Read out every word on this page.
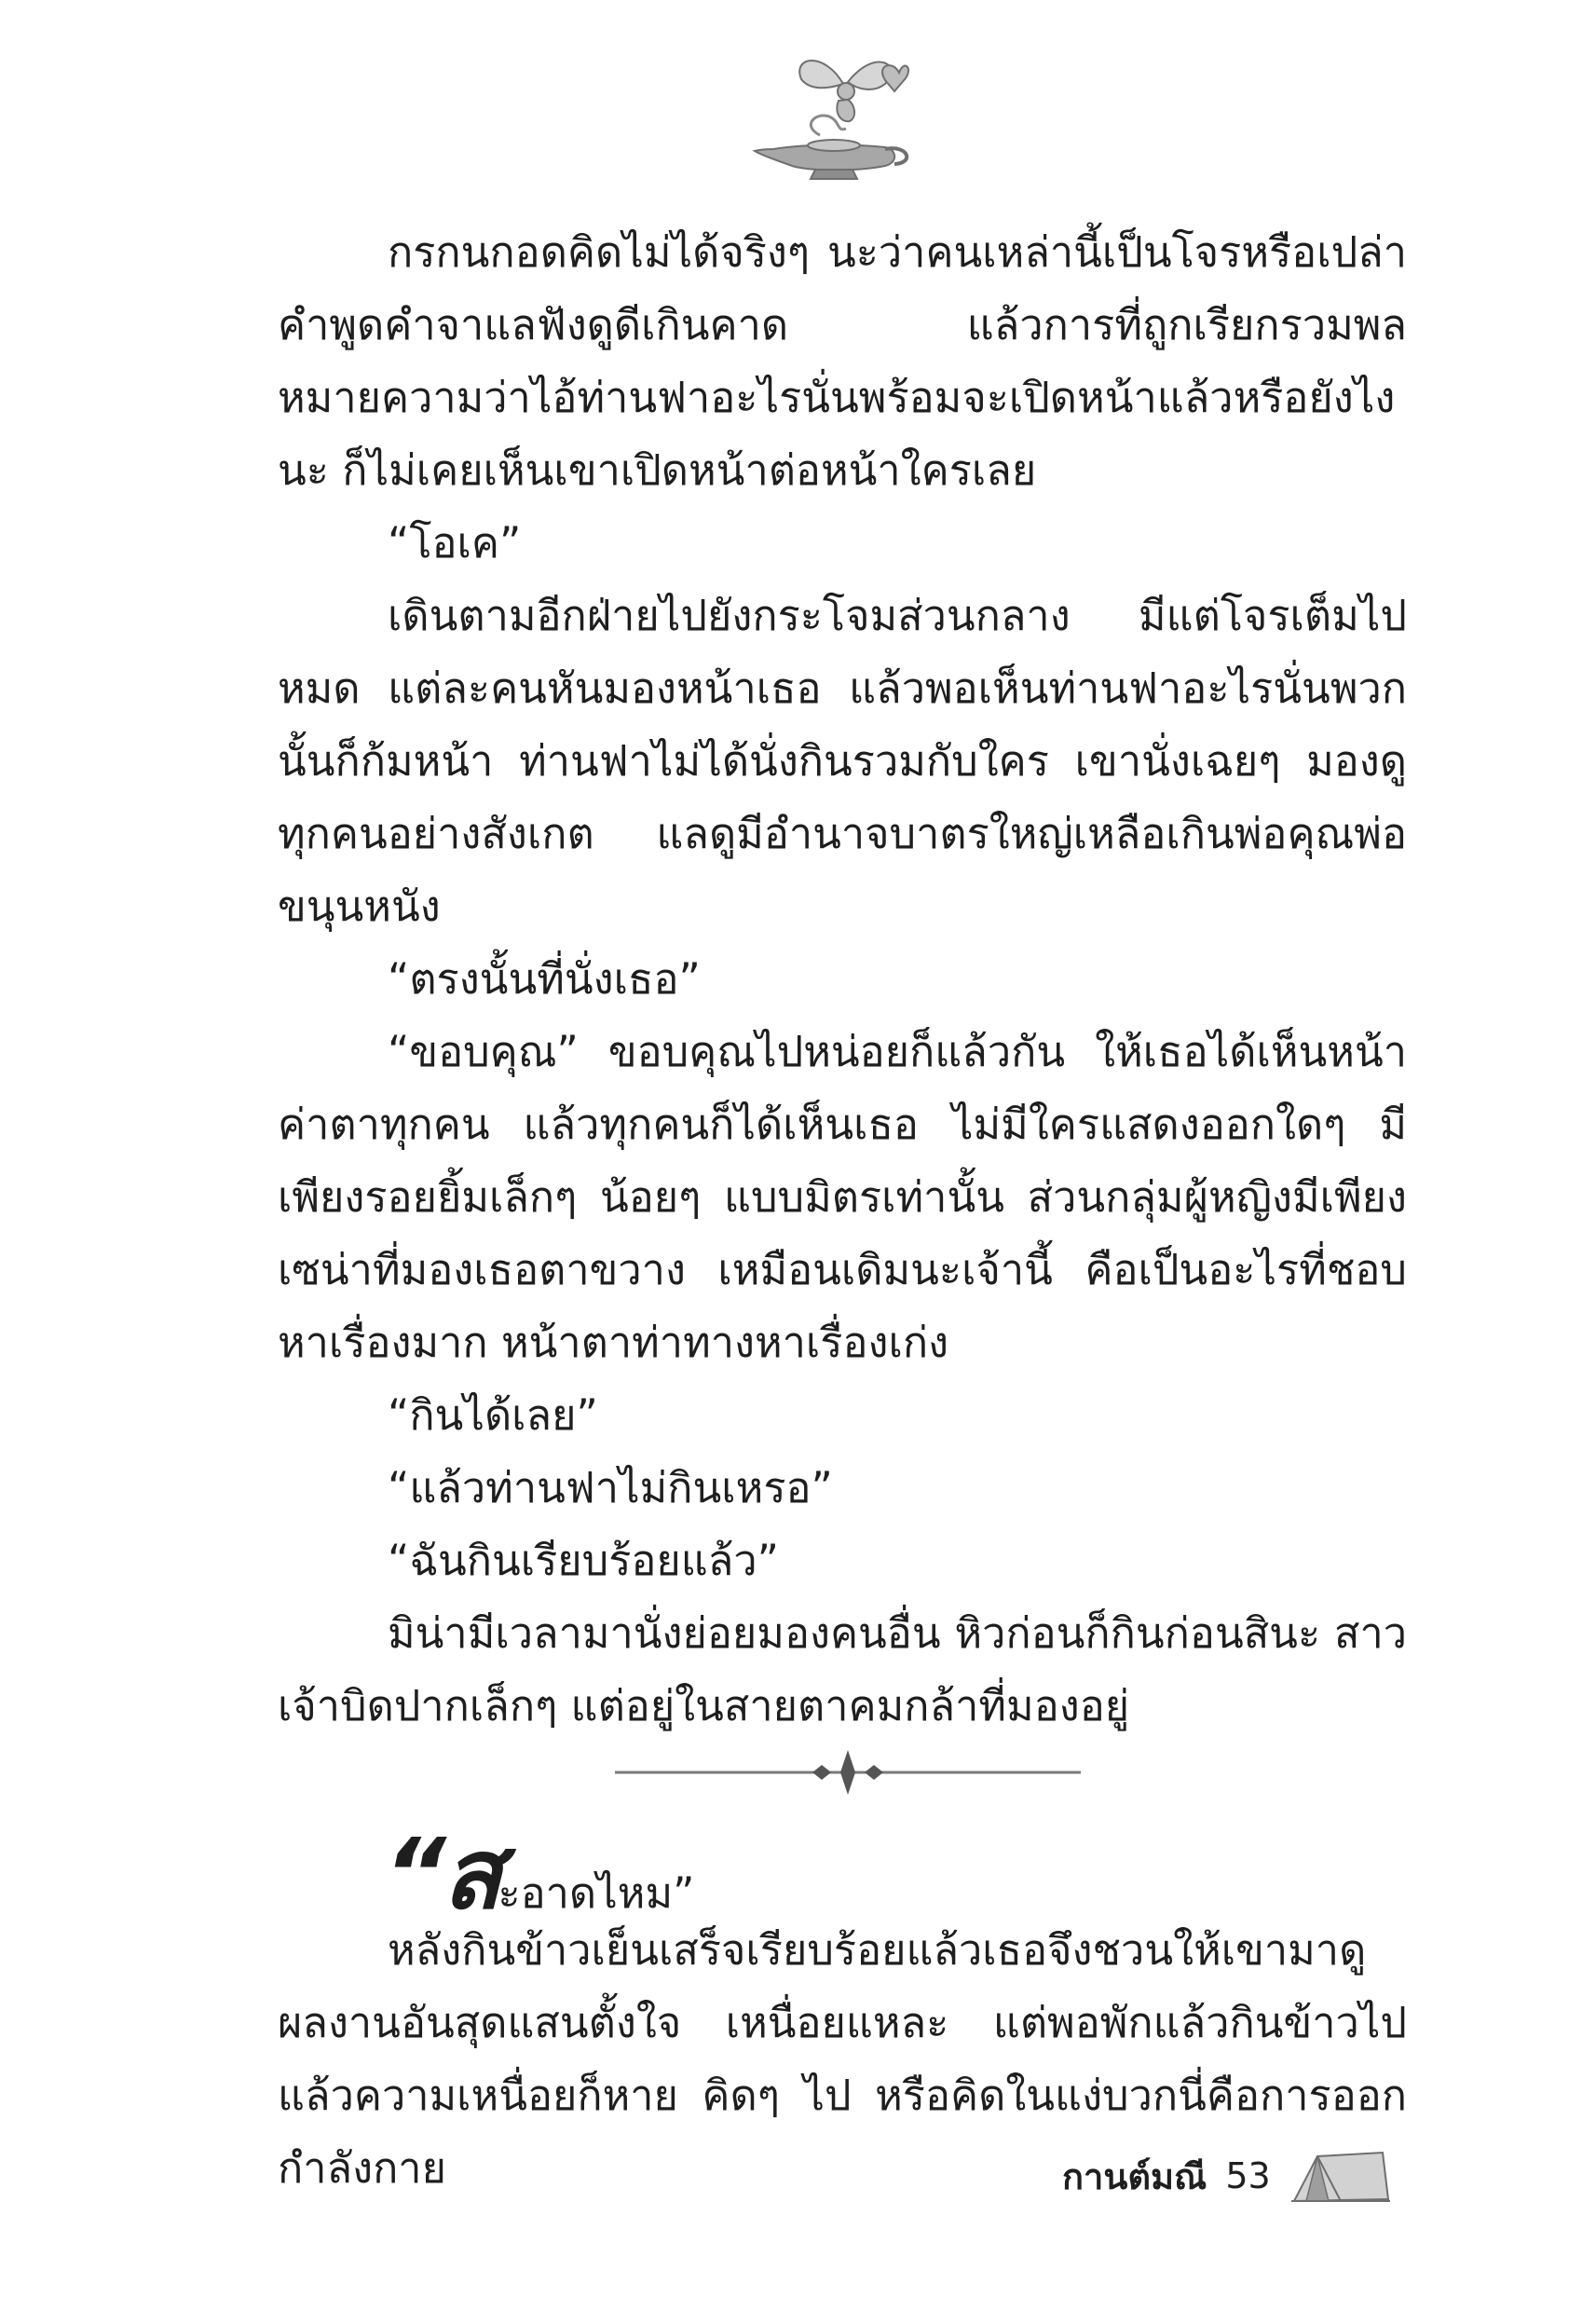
กรกนกอดคิดไม่ได้จริงๆ นะว่าคนเหล่านี้เป็นโจรหรือเปล่า คำพูดคำจาแลฟังดูดีเกินคาด แล้วการที่ถูกเรียกรวมพล หมายความว่าไอ้ท่านฟาอะไรนั่นพร้อมจะเปิดหน้าแล้วหรือยังไงนะ ก็ไม่เคยเห็นเขาเปิดหน้าต่อหน้าใครเลย

“โอเค”

เดินตามอีกฝ่ายไปยังกระโจมส่วนกลาง มีแต่โจรเต็มไปหมด แต่ละคนหันมองหน้าเธอ แล้วพอเห็นท่านฟาอะไรนั่นพวกนั้นก็ก้มหน้า ท่านฟาไม่ได้นั่งกินรวมกับใคร เขานั่งเฉยๆ มองดูทุกคนอย่างสังเกต แลดูมีอำนาจบาตรใหญ่เหลือเกินพ่อคุณพ่อขนุนหนัง

“ตรงนั้นที่นั่งเธอ”

“ขอบคุณ” ขอบคุณไปหน่อยก็แล้วกัน ให้เธอได้เห็นหน้าค่าตาทุกคน แล้วทุกคนก็ได้เห็นเธอ ไม่มีใครแสดงออกใดๆ มีเพียงรอยยิ้มเล็กๆ น้อยๆ แบบมิตรเท่านั้น ส่วนกลุ่มผู้หญิงมีเพียงเซน่าที่มองเธอตาขวาง เหมือนเดิมนะเจ้านี้ คือเป็นอะไรที่ชอบหาเรื่องมาก หน้าตาท่าทางหาเรื่องเก่ง

“กินได้เลย”

“แล้วท่านฟาไม่กินเหรอ”

“ฉันกินเรียบร้อยแล้ว”

มิน่ามีเวลามานั่งย่อยมองคนอื่น หิวก่อนก็กินก่อนสินะ สาวเจ้าบิดปากเล็กๆ แต่อยู่ในสายตาคมกล้าที่มองอยู่

“สะอาดไหม”

หลังกินข้าวเย็นเสร็จเรียบร้อยแล้วเธอจึงชวนให้เขามาดูผลงานอันสุดแสนตั้งใจ เหนื่อยแหละ แต่พอพักแล้วกินข้าวไปแล้วความเหนื่อยก็หาย คิดๆ ไป หรือคิดในแง่บวกนี่คือการออกกำลังกาย	กานต์มณี 53
